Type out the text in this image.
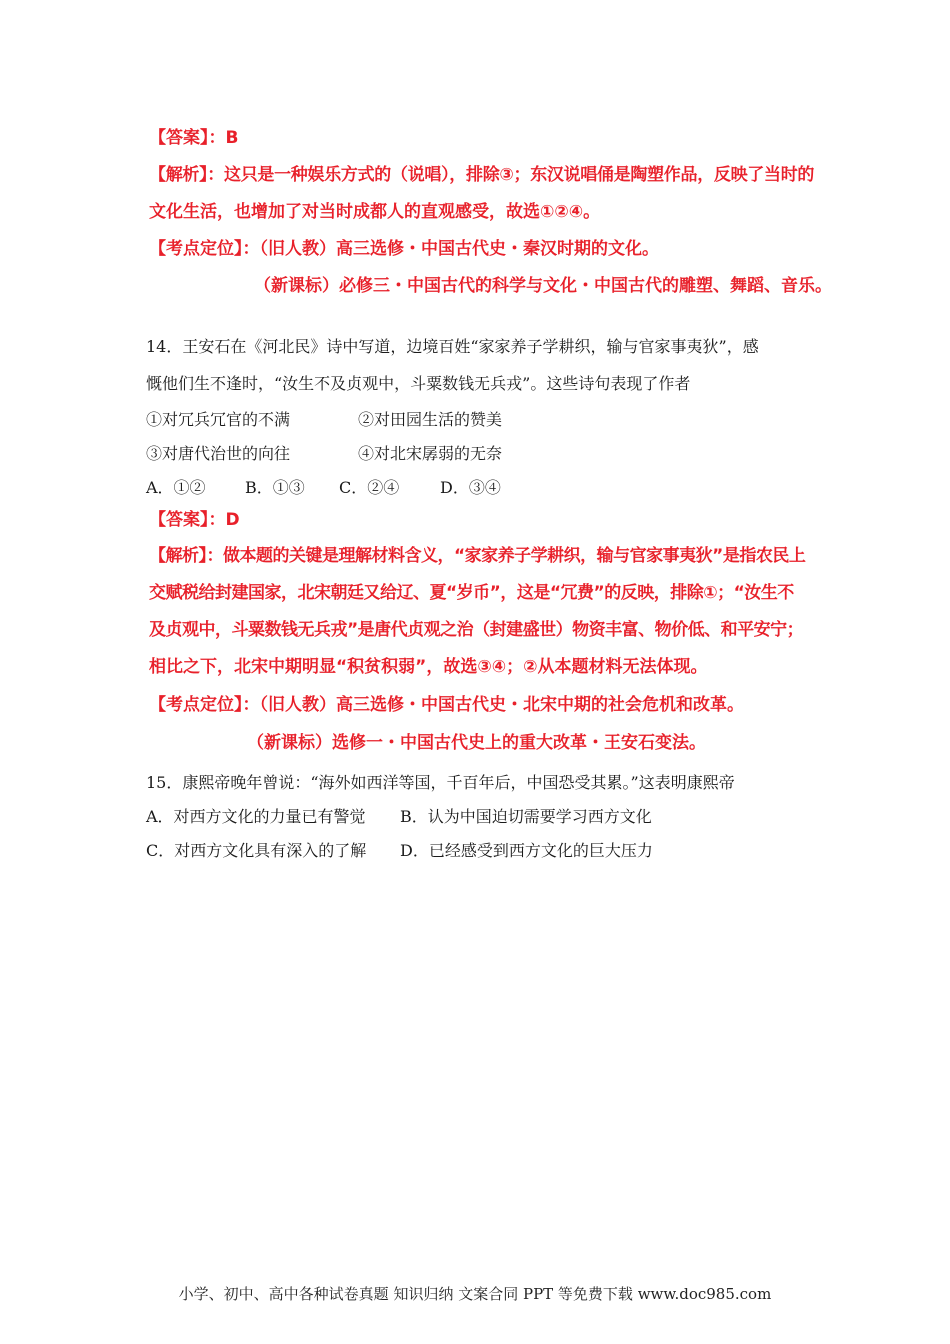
【答案】：B
【解析】：这只是一种娱乐方式的（说唱），排除③；东汉说唱俑是陶塑作品，反映了当时的
文化生活，也增加了对当时成都人的直观感受，故选①②④。
【考点定位】：（旧人教）高三选修・中国古代史・秦汉时期的文化。
（新课标）必修三・中国古代的科学与文化・中国古代的雕塑、舞蹈、音乐。
14．王安石在《河北民》诗中写道，边境百姓“家家养子学耕织，输与官家事夷狄”，感
慨他们生不逢时，“汝生不及贞观中，斗粟数钱无兵戎”。这些诗句表现了作者
①对冗兵冗官的不满	②对田园生活的赞美
③对唐代治世的向往	④对北宋孱弱的无奈
A．①② B．①③ C．②④	D．③④
【答案】：D
【解析】：做本题的关键是理解材料含义，“家家养子学耕织，输与官家事夷狄”是指农民上
交赋税给封建国家，北宋朝廷又给辽、夏“岁币”，这是“冗费”的反映，排除①；“汝生不
及贞观中，斗粟数钱无兵戎”是唐代贞观之治（封建盛世）物资丰富、物价低、和平安宁；
相比之下，北宋中期明显“积贫积弱”，故选③④；②从本题材料无法体现。
【考点定位】：（旧人教）高三选修・中国古代史・北宋中期的社会危机和改革。
（新课标）选修一・中国古代史上的重大改革・王安石变法。
15．康熙帝晚年曾说：“海外如西洋等国，千百年后，中国恐受其累。”这表明康熙帝
A．对西方文化的力量已有警觉 B．认为中国迫切需要学习西方文化
C．对西方文化具有深入的了解 D．已经感受到西方文化的巨大压力
小学、初中、高中各种试卷真题 知识归纳 文案合同 PPT 等免费下载 www.doc985.com
